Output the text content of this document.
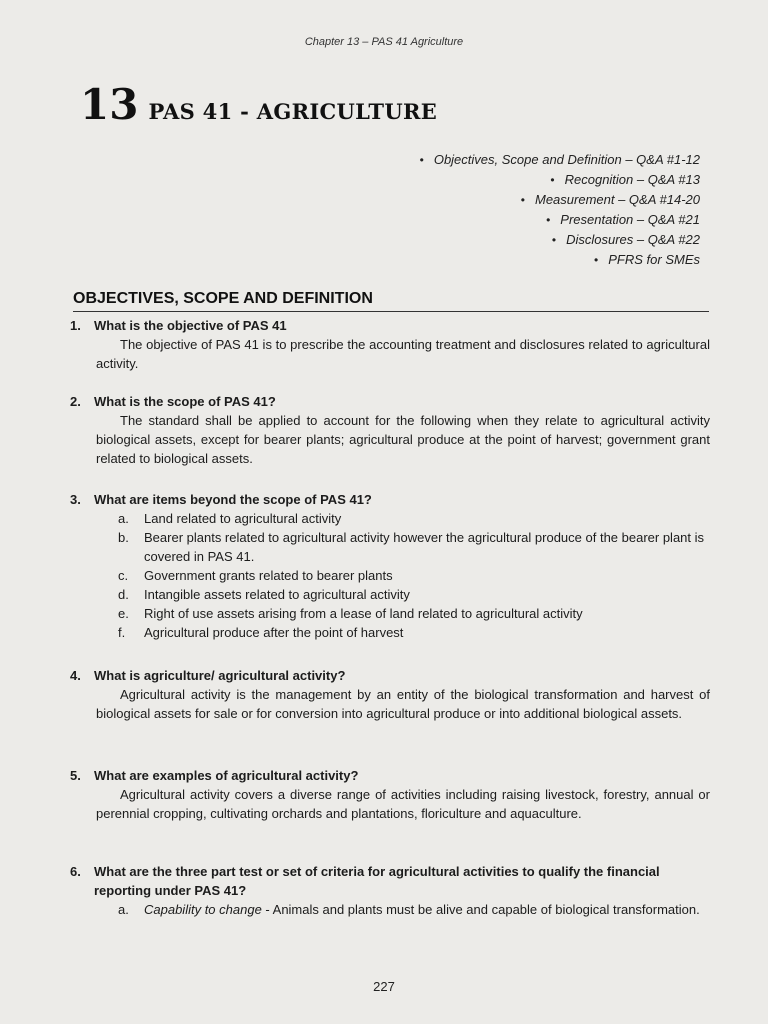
Chapter 13 – PAS 41 Agriculture
13 PAS 41 - AGRICULTURE
• Objectives, Scope and Definition – Q&A #1-12
• Recognition – Q&A #13
• Measurement – Q&A #14-20
• Presentation – Q&A #21
• Disclosures – Q&A #22
• PFRS for SMEs
OBJECTIVES, SCOPE AND DEFINITION
1.	What is the objective of PAS 41
The objective of PAS 41 is to prescribe the accounting treatment and disclosures related to agricultural activity.
2.	What is the scope of PAS 41?
The standard shall be applied to account for the following when they relate to agricultural activity biological assets, except for bearer plants; agricultural produce at the point of harvest; government grant related to biological assets.
3.	What are items beyond the scope of PAS 41?
a.	Land related to agricultural activity
b.	Bearer plants related to agricultural activity however the agricultural produce of the bearer plant is covered in PAS 41.
c.	Government grants related to bearer plants
d.	Intangible assets related to agricultural activity
e.	Right of use assets arising from a lease of land related to agricultural activity
f.	Agricultural produce after the point of harvest
4.	What is agriculture/ agricultural activity?
Agricultural activity is the management by an entity of the biological transformation and harvest of biological assets for sale or for conversion into agricultural produce or into additional biological assets.
5.	What are examples of agricultural activity?
Agricultural activity covers a diverse range of activities including raising livestock, forestry, annual or perennial cropping, cultivating orchards and plantations, floriculture and aquaculture.
6.	What are the three part test or set of criteria for agricultural activities to qualify the financial reporting under PAS 41?
a.	Capability to change - Animals and plants must be alive and capable of biological transformation.
227
